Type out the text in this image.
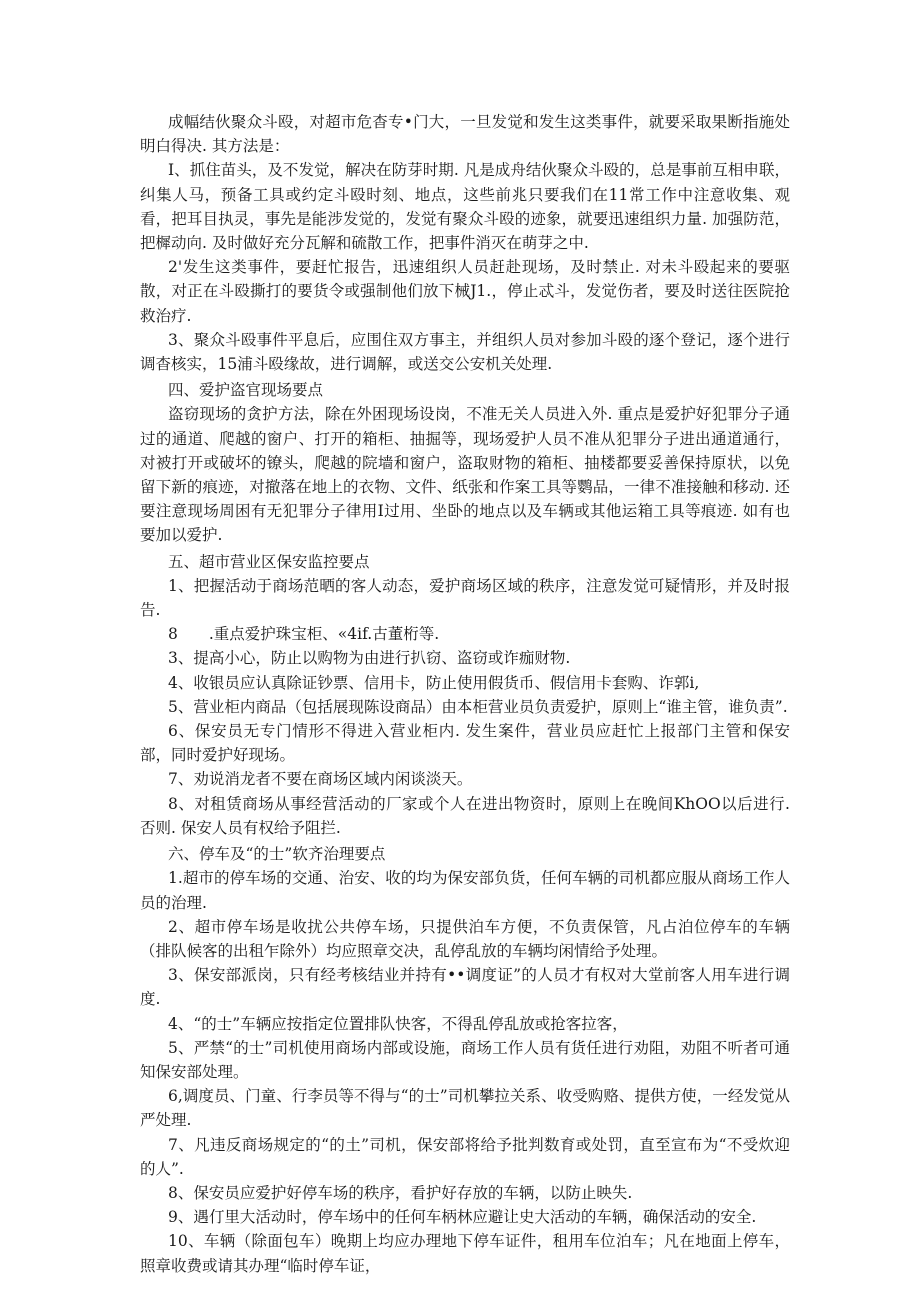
成幅结伙聚众斗殴，对超市危杳专•门大，一旦发觉和发生这类事件，就要采取果断指施处明白得决. 其方法是：

I、抓住苗头，及不发觉，解决在防芽时期. 凡是成舟结伙聚众斗殴的，总是事前互相申联，纠集人马，预备工具或约定斗殴时刻、地点，这些前兆只要我们在11常工作中注意收集、观看，把耳目执灵，事先是能涉发觉的，发觉有聚众斗殴的迹象，就要迅速组织力量. 加强防范，把樨动向. 及时做好充分瓦解和硫散工作，把事件消灭在萌芽之中.

2'发生这类事件，要赶忙报告，迅速组织人员赶赴现场，及时禁止. 对未斗殴起来的要驱散，对正在斗殴撕打的要货令或强制他们放下械J1.，停止忒斗，发觉伤者，要及时送往医院抢救治疗.

3、聚众斗殴事件平息后，应围住双方事主，并组织人员对参加斗殴的逐个登记，逐个进行调杳核实，15浦斗殴缘故，进行调解，或送交公安机关处理.

四、爱护盗官现场要点

盗窃现场的贪护方法，除在外困现场设岗，不准无关人员进入外. 重点是爱护好犯罪分子通过的通道、爬越的窗户、打开的箱柜、抽掘等，现场爱护人员不准从犯罪分子进出通道通行，对被打开或破坏的镣头，爬越的院墙和窗户，盗取财物的箱柜、抽楼都要妥善保持原状，以免留下新的痕迹，对撤落在地上的衣物、文件、纸张和作案工具等鹦品，一律不准接触和移动. 还要注意现场周困有无犯罪分子律用I过用、坐卧的地点以及车辆或其他运箱工具等痕迹. 如有也要加以爱护.

五、超市营业区保安监控要点

1、把握活动于商场范晒的客人动态，爱护商场区域的秩序，注意发觉可疑情形，并及时报告.

8　　.重点爱护珠宝柜、«4if.古董桁等.

3、提高小心，防止以购物为由进行扒窃、盗窃或诈痂财物.

4、收银员应认真除证钞票、信用卡，防止使用假货币、假信用卡套购、诈郭i,

5、营业柜内商品（包括展现陈设商品）由本柜营业员负责爱护，原则上“谁主管，谁负责”.

6、保安员无专门情形不得进入营业柜内. 发生案件，营业员应赶忙上报部门主管和保安部，同时爱护好现场。

7、劝说消龙者不要在商场区域内闲谈淡天。

8、对租赁商场从事经营活动的厂家或个人在进出物资时，原则上在晚间KhOO以后进行. 否则. 保安人员有权给予阻拦.

六、停车及“的士”软齐治理要点

1.超市的停车场的交通、治安、收的均为保安部负货，任何车辆的司机都应服从商场工作人员的治理.

2、超市停车场是收扰公共停车场，只提供泊车方便，不负责保管，凡占泊位停车的车辆（排队候客的出租乍除外）均应照章交决，乱停乱放的车辆均闲情给予处理。

3、保安部派岗，只有经考核结业并持有••调度证”的人员才有权对大堂前客人用车进行调度.

4、“的士”车辆应按指定位置排队快客，不得乱停乱放或抢客拉客，

5、严禁“的士”司机使用商场内部或设施，商场工作人员有货任进行劝阻，劝阻不听者可通知保安部处理。

6,调度员、门童、行李员等不得与“的士”司机攀拉关系、收受购赂、提供方使，一经发觉从严处理.

7、凡违反商场规定的“的土”司机，保安部将给予批判数育或处罚，直至宣布为“不受炊迎的人”.

8、保安员应爱护好停车场的秩序，看护好存放的车辆，以防止映失.

9、遇仃里大活动时，停车场中的任何车柄林应避让史大活动的车辆，确保活动的安全.

10、车辆（除面包车）晚期上均应办理地下停车证件，租用车位泊车；凡在地面上停车，照章收费或请其办理“临时停车证，
